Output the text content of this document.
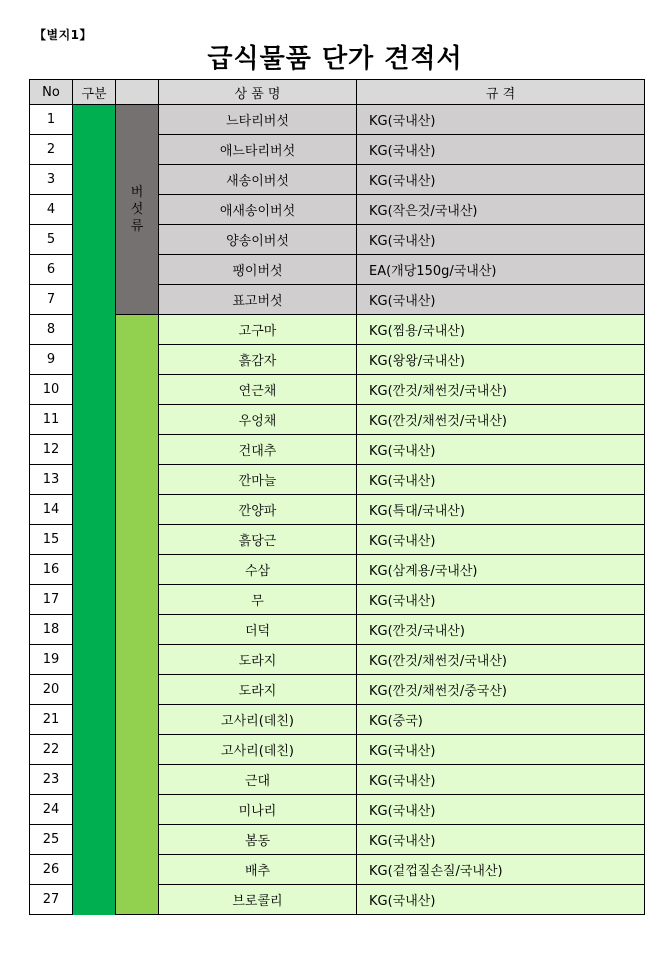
【별지1】
급식물품 단가 견적서
No	구분		상 품 명	규 격
1		버섯류	느타리버섯	KG(국내산)
2			애느타리버섯	KG(국내산)
3			새송이버섯	KG(국내산)
4			애새송이버섯	KG(작은것/국내산)
5			양송이버섯	KG(국내산)
6			팽이버섯	EA(개당150g/국내산)
7			표고버섯	KG(국내산)
8			고구마	KG(찜용/국내산)
9			흙감자	KG(왕왕/국내산)
10			연근채	KG(깐것/채썬것/국내산)
11			우엉채	KG(깐것/채썬것/국내산)
12			건대추	KG(국내산)
13			깐마늘	KG(국내산)
14			깐양파	KG(특대/국내산)
15			흙당근	KG(국내산)
16			수삼	KG(삼계용/국내산)
17			무	KG(국내산)
18			더덕	KG(깐것/국내산)
19			도라지	KG(깐것/채썬것/국내산)
20			도라지	KG(깐것/채썬것/중국산)
21			고사리(데친)	KG(중국)
22			고사리(데친)	KG(국내산)
23			근대	KG(국내산)
24			미나리	KG(국내산)
25			봄동	KG(국내산)
26			배추	KG(겉껍질손질/국내산)
27			브로콜리	KG(국내산)
